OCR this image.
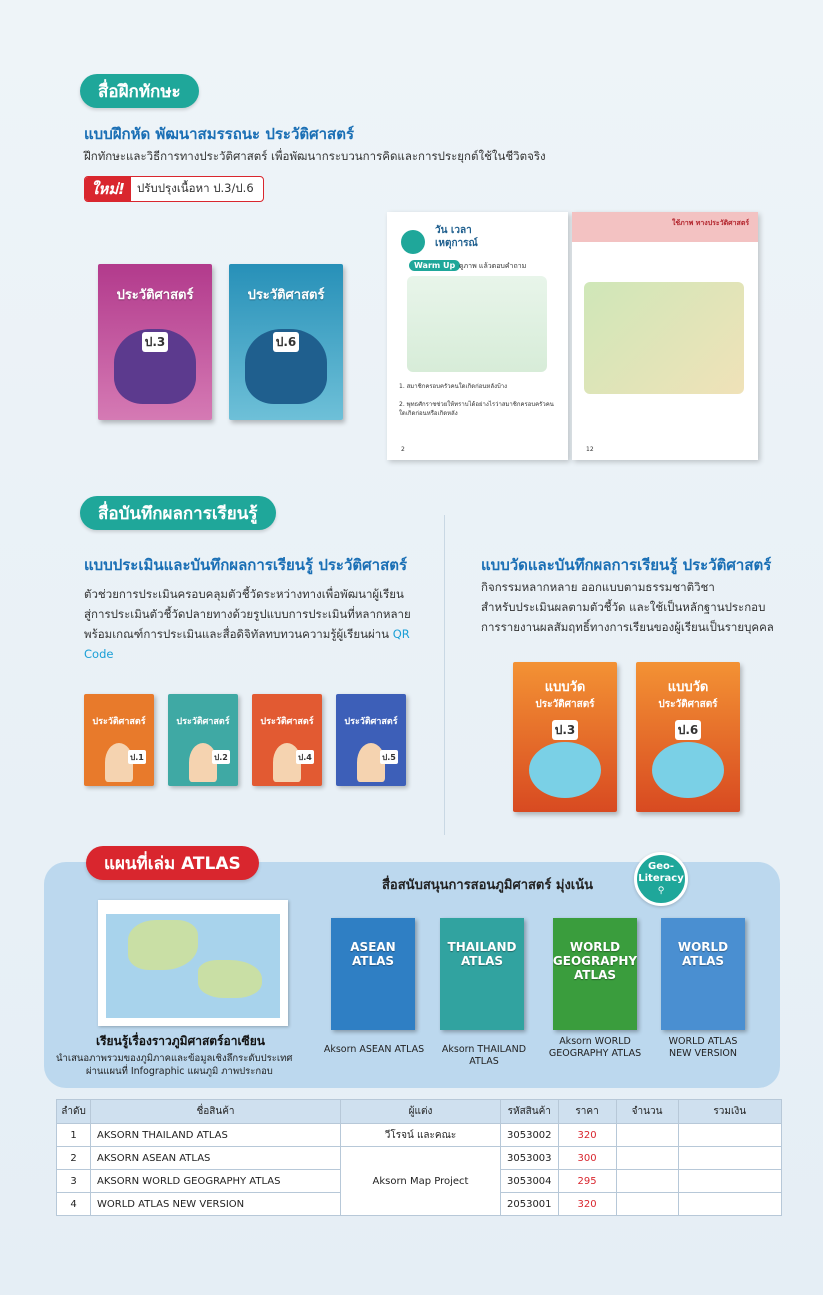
สื่อฝึกทักษะ
แบบฝึกหัด พัฒนาสมรรถนะ ประวัติศาสตร์
ฝึกทักษะและวิธีการทางประวัติศาสตร์ เพื่อพัฒนากระบวนการคิดและการประยุกต์ใช้ในชีวิตจริง
ใหม่!	ปรับปรุงเนื้อหา ป.3/ป.6
ประวัติศาสตร์
ป.3
ประวัติศาสตร์
ป.6
วัน เวลา เหตุการณ์
Warm Up ดูภาพ แล้วตอบคำถาม
1. สมาชิกครอบครัวคนใดเกิดก่อนหลังบ้าง
2. พุทธศักราชช่วยให้ทราบได้อย่างไรว่าสมาชิกครอบครัวคนใดเกิดก่อนหรือเกิดหลัง
2
ใช้ภาพ ทางประวัติศาสตร์
12
สื่อบันทึกผลการเรียนรู้
แบบประเมินและบันทึกผลการเรียนรู้ ประวัติศาสตร์
ตัวช่วยการประเมินครอบคลุมตัวชี้วัดระหว่างทางเพื่อพัฒนาผู้เรียน
สู่การประเมินตัวชี้วัดปลายทางด้วยรูปแบบการประเมินที่หลากหลาย
พร้อมเกณฑ์การประเมินและสื่อดิจิทัลทบทวนความรู้ผู้เรียนผ่าน QR Code
ประวัติศาสตร์
ป.1
ประวัติศาสตร์
ป.2
ประวัติศาสตร์
ป.4
ประวัติศาสตร์
ป.5
แบบวัดและบันทึกผลการเรียนรู้ ประวัติศาสตร์
กิจกรรมหลากหลาย ออกแบบตามธรรมชาติวิชา
สำหรับประเมินผลตามตัวชี้วัด และใช้เป็นหลักฐานประกอบ
การรายงานผลสัมฤทธิ์ทางการเรียนของผู้เรียนเป็นรายบุคคล
แบบวัด
ประวัติศาสตร์
ป.3
แบบวัด
ประวัติศาสตร์
ป.6
แผนที่เล่ม ATLAS
สื่อสนับสนุนการสอนภูมิศาสตร์ มุ่งเน้น
Geo-
Literacy
⚲
เรียนรู้เรื่องราวภูมิศาสตร์อาเซียน
นำเสนอภาพรวมของภูมิภาคและข้อมูลเชิงลึกระดับประเทศ
ผ่านแผนที่ Infographic แผนภูมิ ภาพประกอบ
ASEAN ATLAS
Aksorn ASEAN ATLAS
THAILAND ATLAS
Aksorn THAILAND ATLAS
WORLD GEOGRAPHY ATLAS
Aksorn WORLD GEOGRAPHY ATLAS
WORLD ATLAS
WORLD ATLAS NEW VERSION
ลำดับ	ชื่อสินค้า	ผู้แต่ง	รหัสสินค้า	ราคา	จำนวน	รวมเงิน
1	AKSORN THAILAND ATLAS	วีโรจน์ และคณะ	3053002	320		
2	AKSORN ASEAN ATLAS	Aksorn Map Project	3053003	300		
3	AKSORN WORLD GEOGRAPHY ATLAS		3053004	295		
4	WORLD ATLAS NEW VERSION		2053001	320		
